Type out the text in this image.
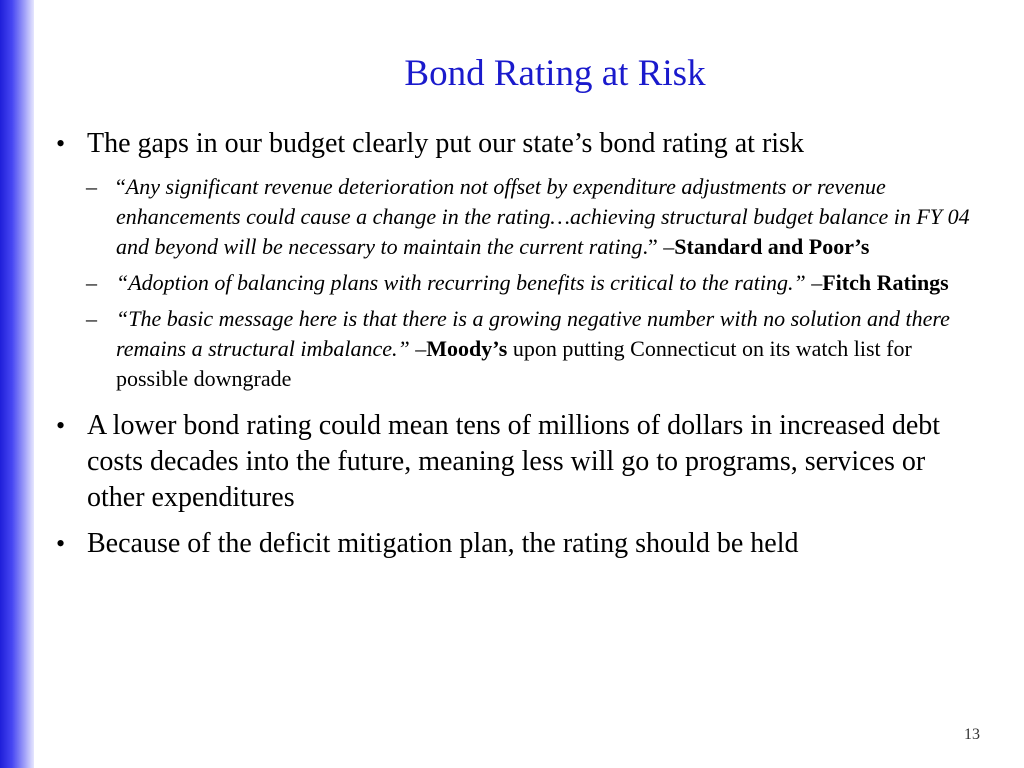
Bond Rating at Risk
• The gaps in our budget clearly put our state’s bond rating at risk
– “Any significant revenue deterioration not offset by expenditure adjustments or revenue enhancements could cause a change in the rating…achieving structural budget balance in FY 04 and beyond will be necessary to maintain the current rating.” –Standard and Poor’s
– “Adoption of balancing plans with recurring benefits is critical to the rating.” –Fitch Ratings
– “The basic message here is that there is a growing negative number with no solution and there remains a structural imbalance.” –Moody’s upon putting Connecticut on its watch list for possible downgrade
• A lower bond rating could mean tens of millions of dollars in increased debt costs decades into the future, meaning less will go to programs, services or other expenditures
• Because of the deficit mitigation plan, the rating should be held
13
